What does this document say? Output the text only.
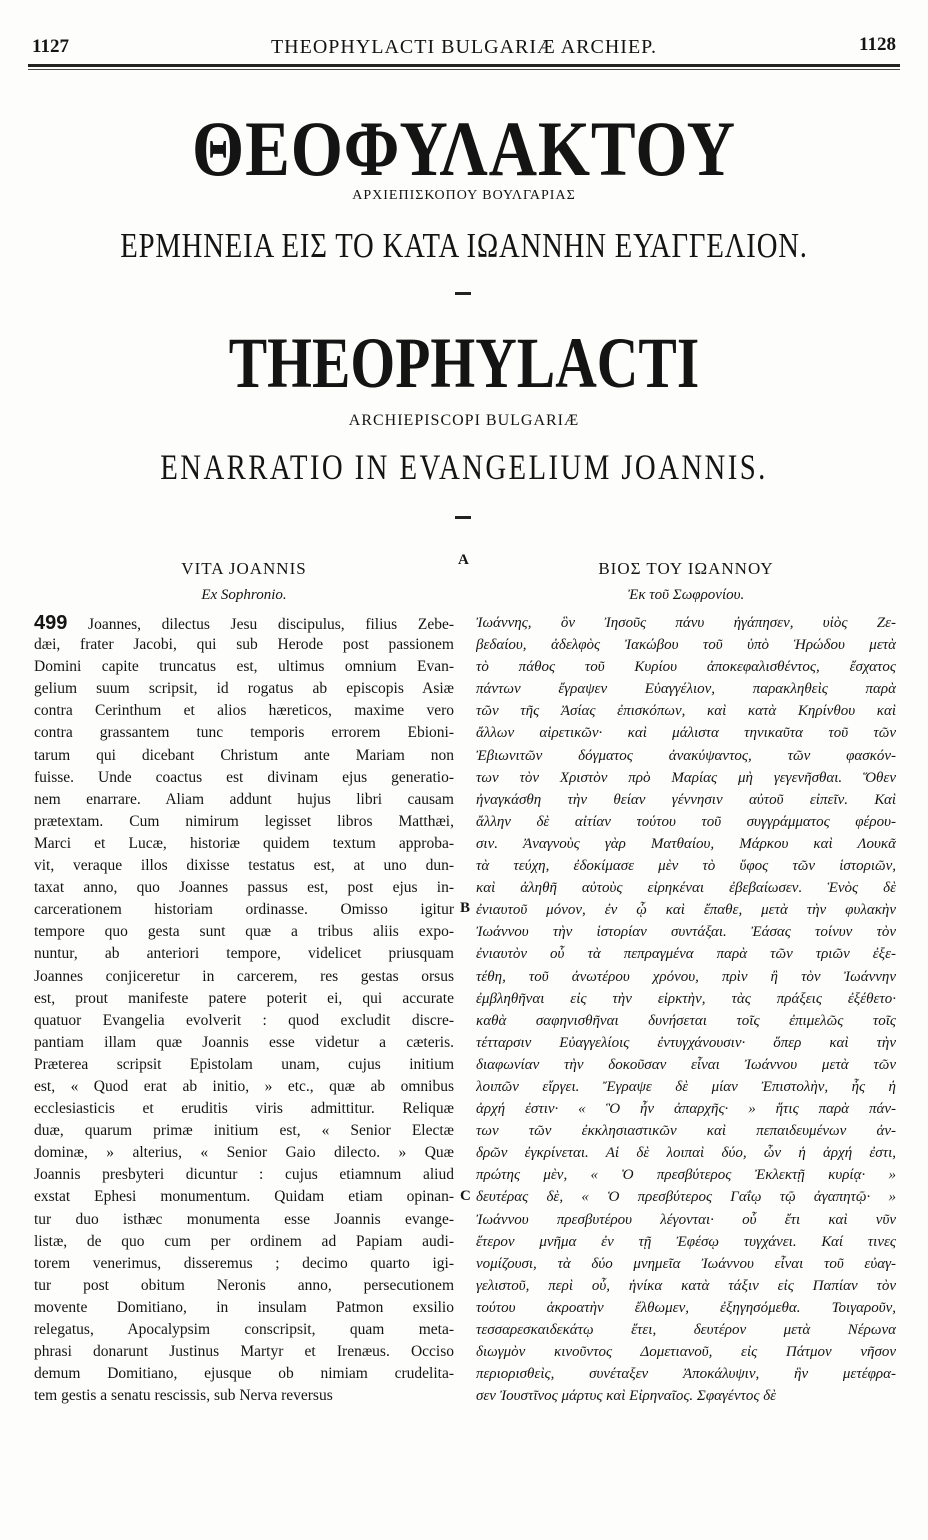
1127	THEOPHYLACTI BULGARIÆ ARCHIEP.	1128
ΘΕΟΦΥΛΑΚΤΟΥ
ΑΡΧΙΕΠΙΣΚΟΠΟΥ ΒΟΥΛΓΑΡΙΑΣ
ΕΡΜΗΝΕΙΑ ΕΙΣ ΤΟ ΚΑΤΑ ΙΩΑΝΝΗΝ ΕΥΑΓΓΕΛΙΟΝ.
THEOPHYLACTI
ARCHIEPISCOPI BULGARIÆ
ENARRATIO IN EVANGELIUM JOANNIS.
A
B
C
VITA JOANNIS
Ex Sophronio.
499 Joannes, dilectus Jesu discipulus, filius Zebe-
dæi, frater Jacobi, qui sub Herode post passionem
Domini capite truncatus est, ultimus omnium Evan-
gelium suum scripsit, id rogatus ab episcopis Asiæ
contra Cerinthum et alios hæreticos, maxime vero
contra grassantem tunc temporis errorem Ebioni-
tarum qui dicebant Christum ante Mariam non
fuisse. Unde coactus est divinam ejus generatio-
nem enarrare. Aliam addunt hujus libri causam
prætextam. Cum nimirum legisset libros Matthæi,
Marci et Lucæ, historiæ quidem textum approba-
vit, veraque illos dixisse testatus est, at uno dun-
taxat anno, quo Joannes passus est, post ejus in-
carcerationem historiam ordinasse. Omisso igitur
tempore quo gesta sunt quæ a tribus aliis expo-
nuntur, ab anteriori tempore, videlicet priusquam
Joannes conjiceretur in carcerem, res gestas orsus
est, prout manifeste patere poterit ei, qui accurate
quatuor Evangelia evolverit : quod excludit discre-
pantiam illam quæ Joannis esse videtur a cæteris.
Præterea scripsit Epistolam unam, cujus initium
est, « Quod erat ab initio, » etc., quæ ab omnibus
ecclesiasticis et eruditis viris admittitur. Reliquæ
duæ, quarum primæ initium est, « Senior Electæ
dominæ, » alterius, « Senior Gaio dilecto. » Quæ
Joannis presbyteri dicuntur : cujus etiamnum aliud
exstat Ephesi monumentum. Quidam etiam opinan-
tur duo isthæc monumenta esse Joannis evange-
listæ, de quo cum per ordinem ad Papiam audi-
torem venerimus, disseremus ; decimo quarto igi-
tur post obitum Neronis anno, persecutionem
movente Domitiano, in insulam Patmon exsilio
relegatus, Apocalypsim conscripsit, quam meta-
phrasi donarunt Justinus Martyr et Irenæus. Occiso
demum Domitiano, ejusque ob nimiam crudelita-
tem gestis a senatu rescissis, sub Nerva reversus
ΒΙΟΣ ΤΟΥ ΙΩΑΝΝΟΥ
Ἐκ τοῦ Σωφρονίου.
Ἰωάννης, ὃν Ἰησοῦς πάνυ ἠγάπησεν, υἱὸς Ζε-
βεδαίου, ἀδελφὸς Ἰακώβου τοῦ ὑπὸ Ἡρώδου μετὰ
τὸ πάθος τοῦ Κυρίου ἀποκεφαλισθέντος, ἔσχατος
πάντων ἔγραψεν Εὐαγγέλιον, παρακληθεὶς παρὰ
τῶν τῆς Ἀσίας ἐπισκόπων, καὶ κατὰ Κηρίνθου καὶ
ἄλλων αἱρετικῶν· καὶ μάλιστα τηνικαῦτα τοῦ τῶν
Ἐβιωνιτῶν δόγματος ἀνακύψαντος, τῶν φασκόν-
των τὸν Χριστὸν πρὸ Μαρίας μὴ γεγενῆσθαι. Ὅθεν
ἠναγκάσθη τὴν θείαν γέννησιν αὐτοῦ εἰπεῖν. Καὶ
ἄλλην δὲ αἰτίαν τούτου τοῦ συγγράμματος φέρου-
σιν. Ἀναγνοὺς γὰρ Ματθαίου, Μάρκου καὶ Λουκᾶ
τὰ τεύχη, ἐδοκίμασε μὲν τὸ ὕφος τῶν ἱστοριῶν,
καὶ ἀληθῆ αὐτοὺς εἰρηκέναι ἐβεβαίωσεν. Ἑνὸς δὲ
ἐνιαυτοῦ μόνον, ἐν ᾧ καὶ ἔπαθε, μετὰ τὴν φυλακὴν
Ἰωάννου τὴν ἱστορίαν συντάξαι. Ἐάσας τοίνυν τὸν
ἐνιαυτὸν οὗ τὰ πεπραγμένα παρὰ τῶν τριῶν ἐξε-
τέθη, τοῦ ἀνωτέρου χρόνου, πρὶν ἢ τὸν Ἰωάννην
ἐμβληθῆναι εἰς τὴν εἱρκτὴν, τὰς πράξεις ἐξέθετο·
καθὰ σαφηνισθῆναι δυνήσεται τοῖς ἐπιμελῶς τοῖς
τέτταρσιν Εὐαγγελίοις ἐντυγχάνουσιν· ὅπερ καὶ τὴν
διαφωνίαν τὴν δοκοῦσαν εἶναι Ἰωάννου μετὰ τῶν
λοιπῶν εἴργει. Ἔγραψε δὲ μίαν Ἐπιστολὴν, ἧς ἡ
ἀρχή ἐστιν· « Ὃ ἦν ἀπαρχῆς· » ἥτις παρὰ πάν-
των τῶν ἐκκλησιαστικῶν καὶ πεπαιδευμένων ἀν-
δρῶν ἐγκρίνεται. Αἱ δὲ λοιπαὶ δύο, ὧν ἡ ἀρχή ἐστι,
πρώτης μὲν, « Ὁ πρεσβύτερος Ἐκλεκτῇ κυρίᾳ· »
δευτέρας δὲ, « Ὁ πρεσβύτερος Γαΐῳ τῷ ἀγαπητῷ· »
Ἰωάννου πρεσβυτέρου λέγονται· οὗ ἔτι καὶ νῦν
ἕτερον μνῆμα ἐν τῇ Ἐφέσῳ τυγχάνει. Καί τινες
νομίζουσι, τὰ δύο μνημεῖα Ἰωάννου εἶναι τοῦ εὐαγ-
γελιστοῦ, περὶ οὗ, ἡνίκα κατὰ τάξιν εἰς Παπίαν τὸν
τούτου ἀκροατὴν ἔλθωμεν, ἐξηγησόμεθα. Τοιγαροῦν,
τεσσαρεσκαιδεκάτῳ ἔτει, δευτέρον μετὰ Νέρωνα
διωγμὸν κινοῦντος Δομετιανοῦ, εἰς Πάτμον νῆσον
περιορισθεὶς, συνέταξεν Ἀποκάλυψιν, ἣν μετέφρα-
σεν Ἰουστῖνος μάρτυς καὶ Εἰρηναῖος. Σφαγέντος δὲ
